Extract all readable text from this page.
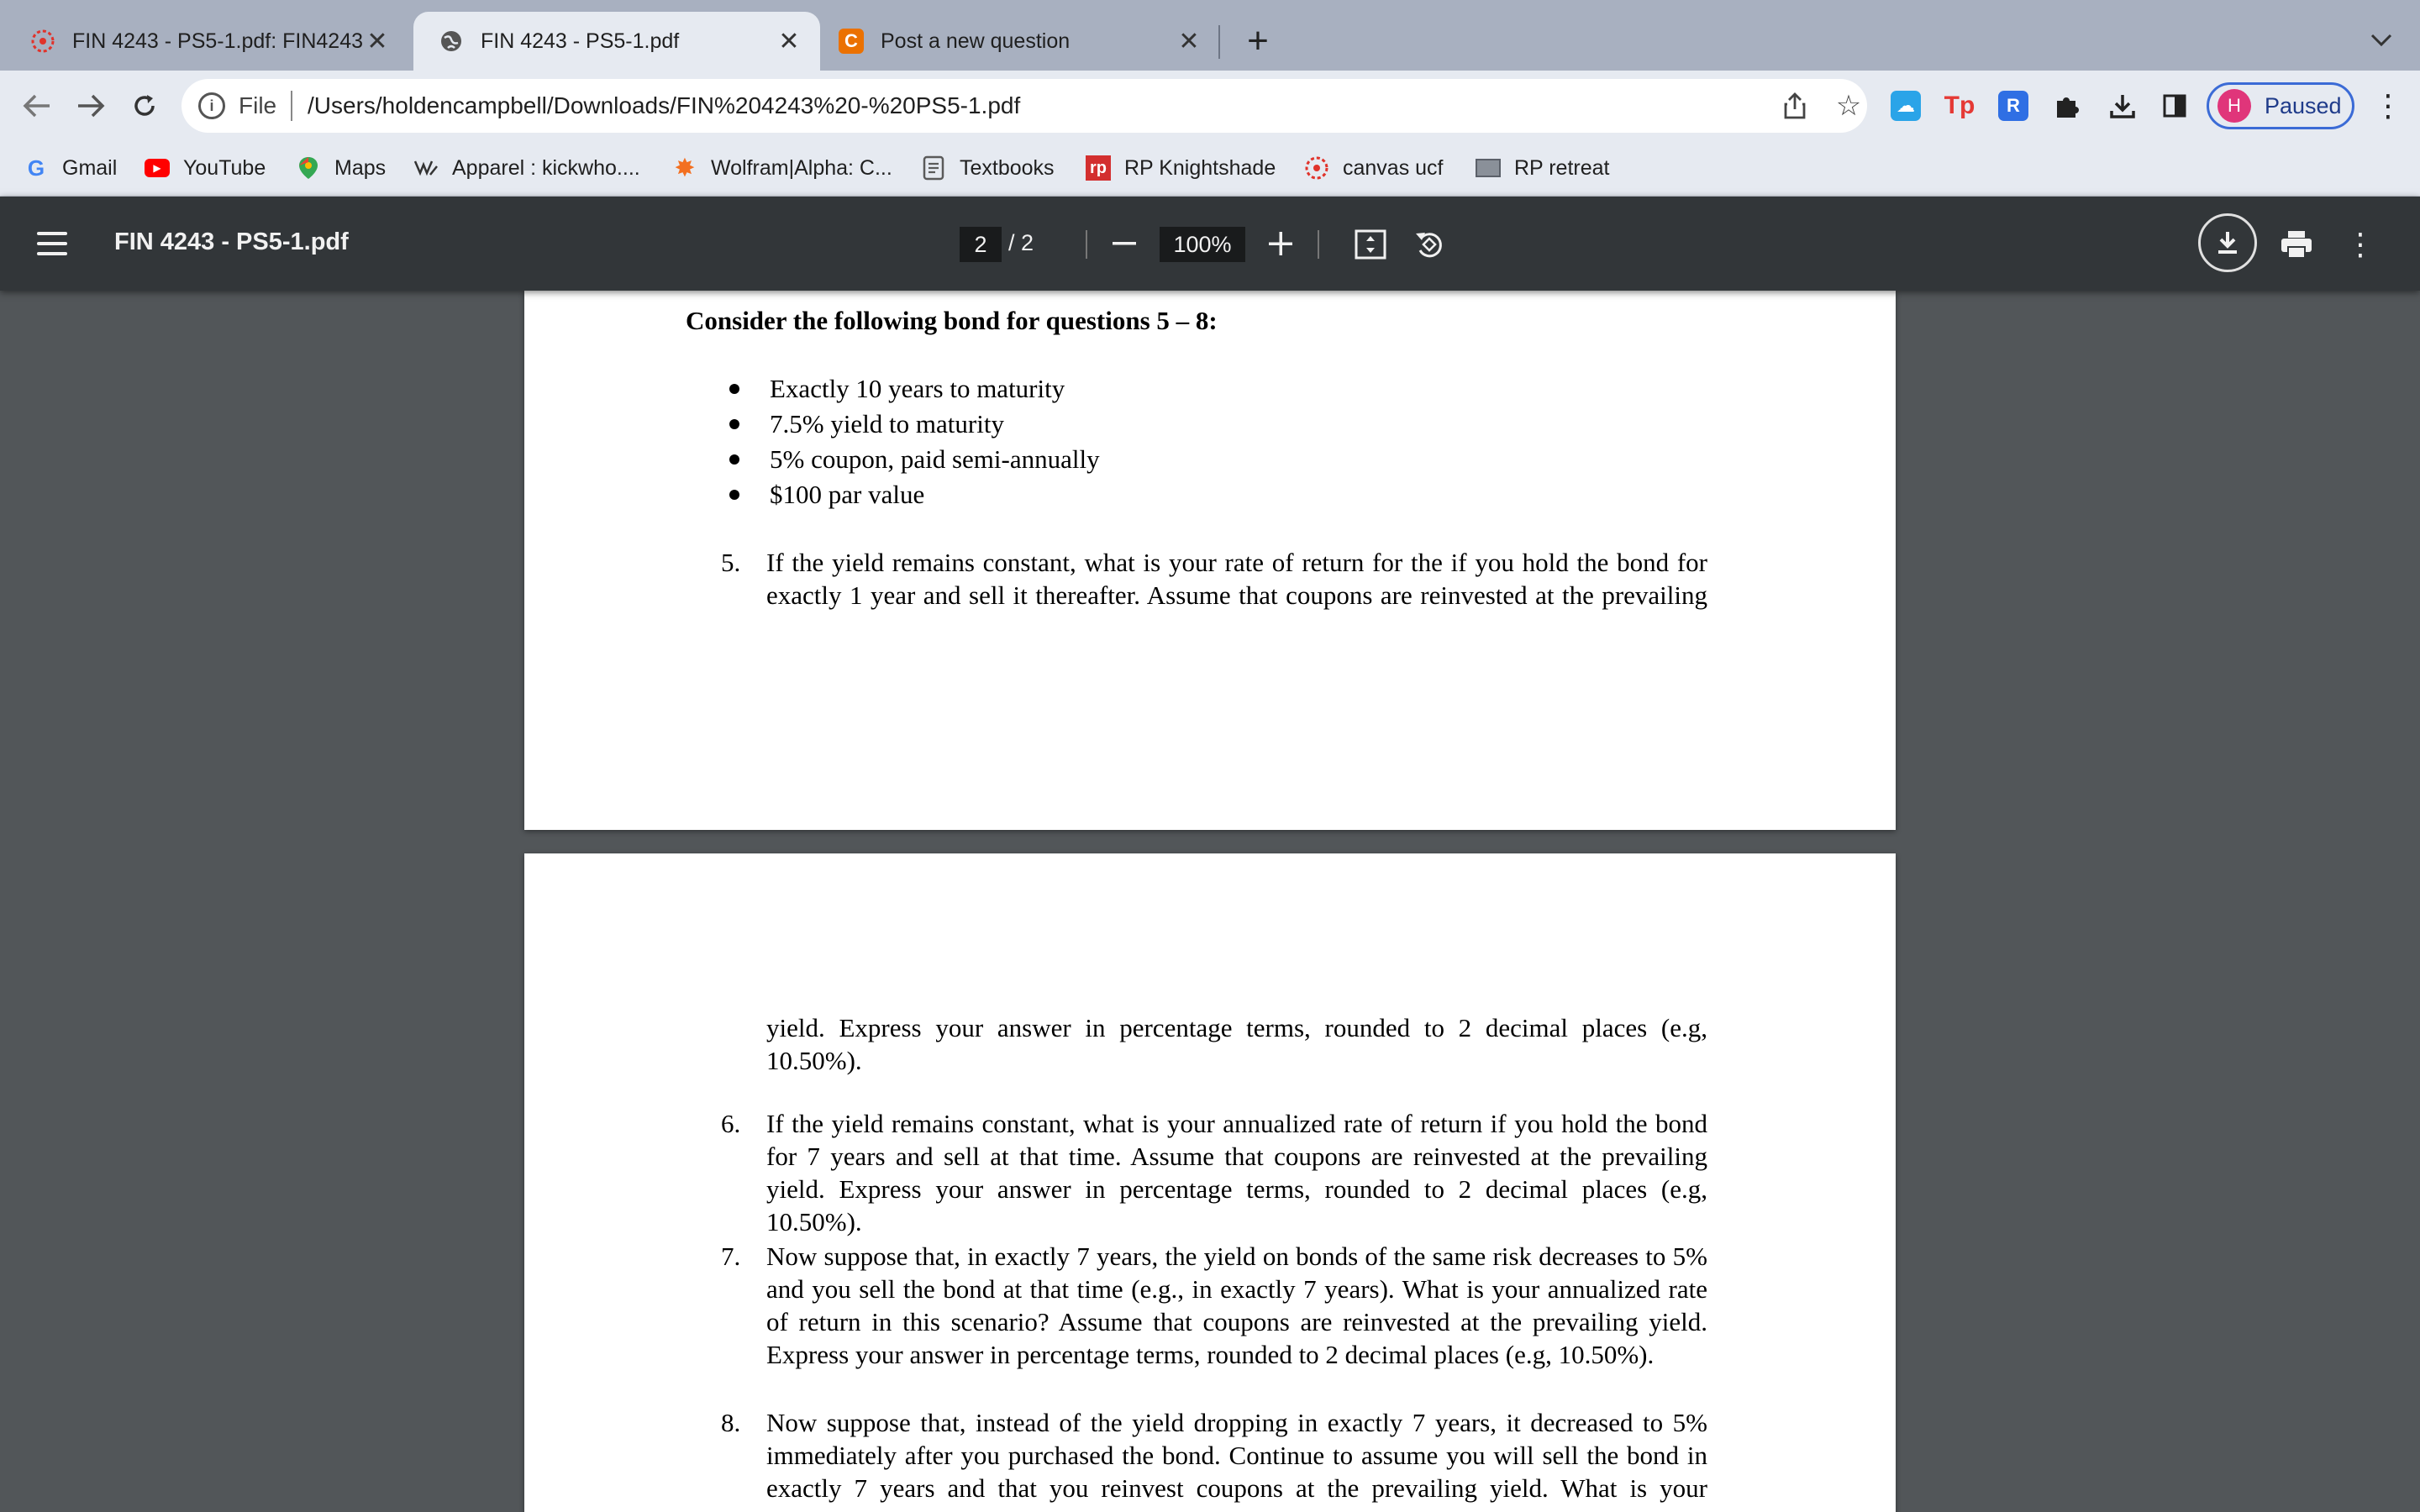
FIN 4243 - PS5-1.pdf: FIN4243 ✕	FIN 4243 - PS5-1.pdf	✕	C Post a new question	✕ +
i	File /Users/holdencampbell/Downloads/FIN%204243%20-%20PS5-1.pdf	☆	☁ Tp	R	H	Paused ⋮
G Gmail	▶	YouTube	Maps	Apparel : kickwho.... ✸ Wolfram|Alpha: C...	Textbooks rp RP Knightshade	canvas ucf	RP retreat
FIN 4243 - PS5-1.pdf	2 / 2	100%	⋮
Consider the following bond for questions 5 – 8:
Exactly 10 years to maturity
7.5% yield to maturity
5% coupon, paid semi-annually
$100 par value
5. If the yield remains constant, what is your rate of return for the if you hold the bond for exactly 1 year and sell it thereafter. Assume that coupons are reinvested at the prevailing
yield. Express your answer in percentage terms, rounded to 2 decimal places (e.g, 10.50%).
6. If the yield remains constant, what is your annualized rate of return if you hold the bond for 7 years and sell at that time. Assume that coupons are reinvested at the prevailing yield. Express your answer in percentage terms, rounded to 2 decimal places (e.g, 10.50%).
7. Now suppose that, in exactly 7 years, the yield on bonds of the same risk decreases to 5% and you sell the bond at that time (e.g., in exactly 7 years). What is your annualized rate of return in this scenario? Assume that coupons are reinvested at the prevailing yield. Express your answer in percentage terms, rounded to 2 decimal places (e.g, 10.50%).
8. Now suppose that, instead of the yield dropping in exactly 7 years, it decreased to 5% immediately after you purchased the bond. Continue to assume you will sell the bond in exactly 7 years and that you reinvest coupons at the prevailing yield. What is your
